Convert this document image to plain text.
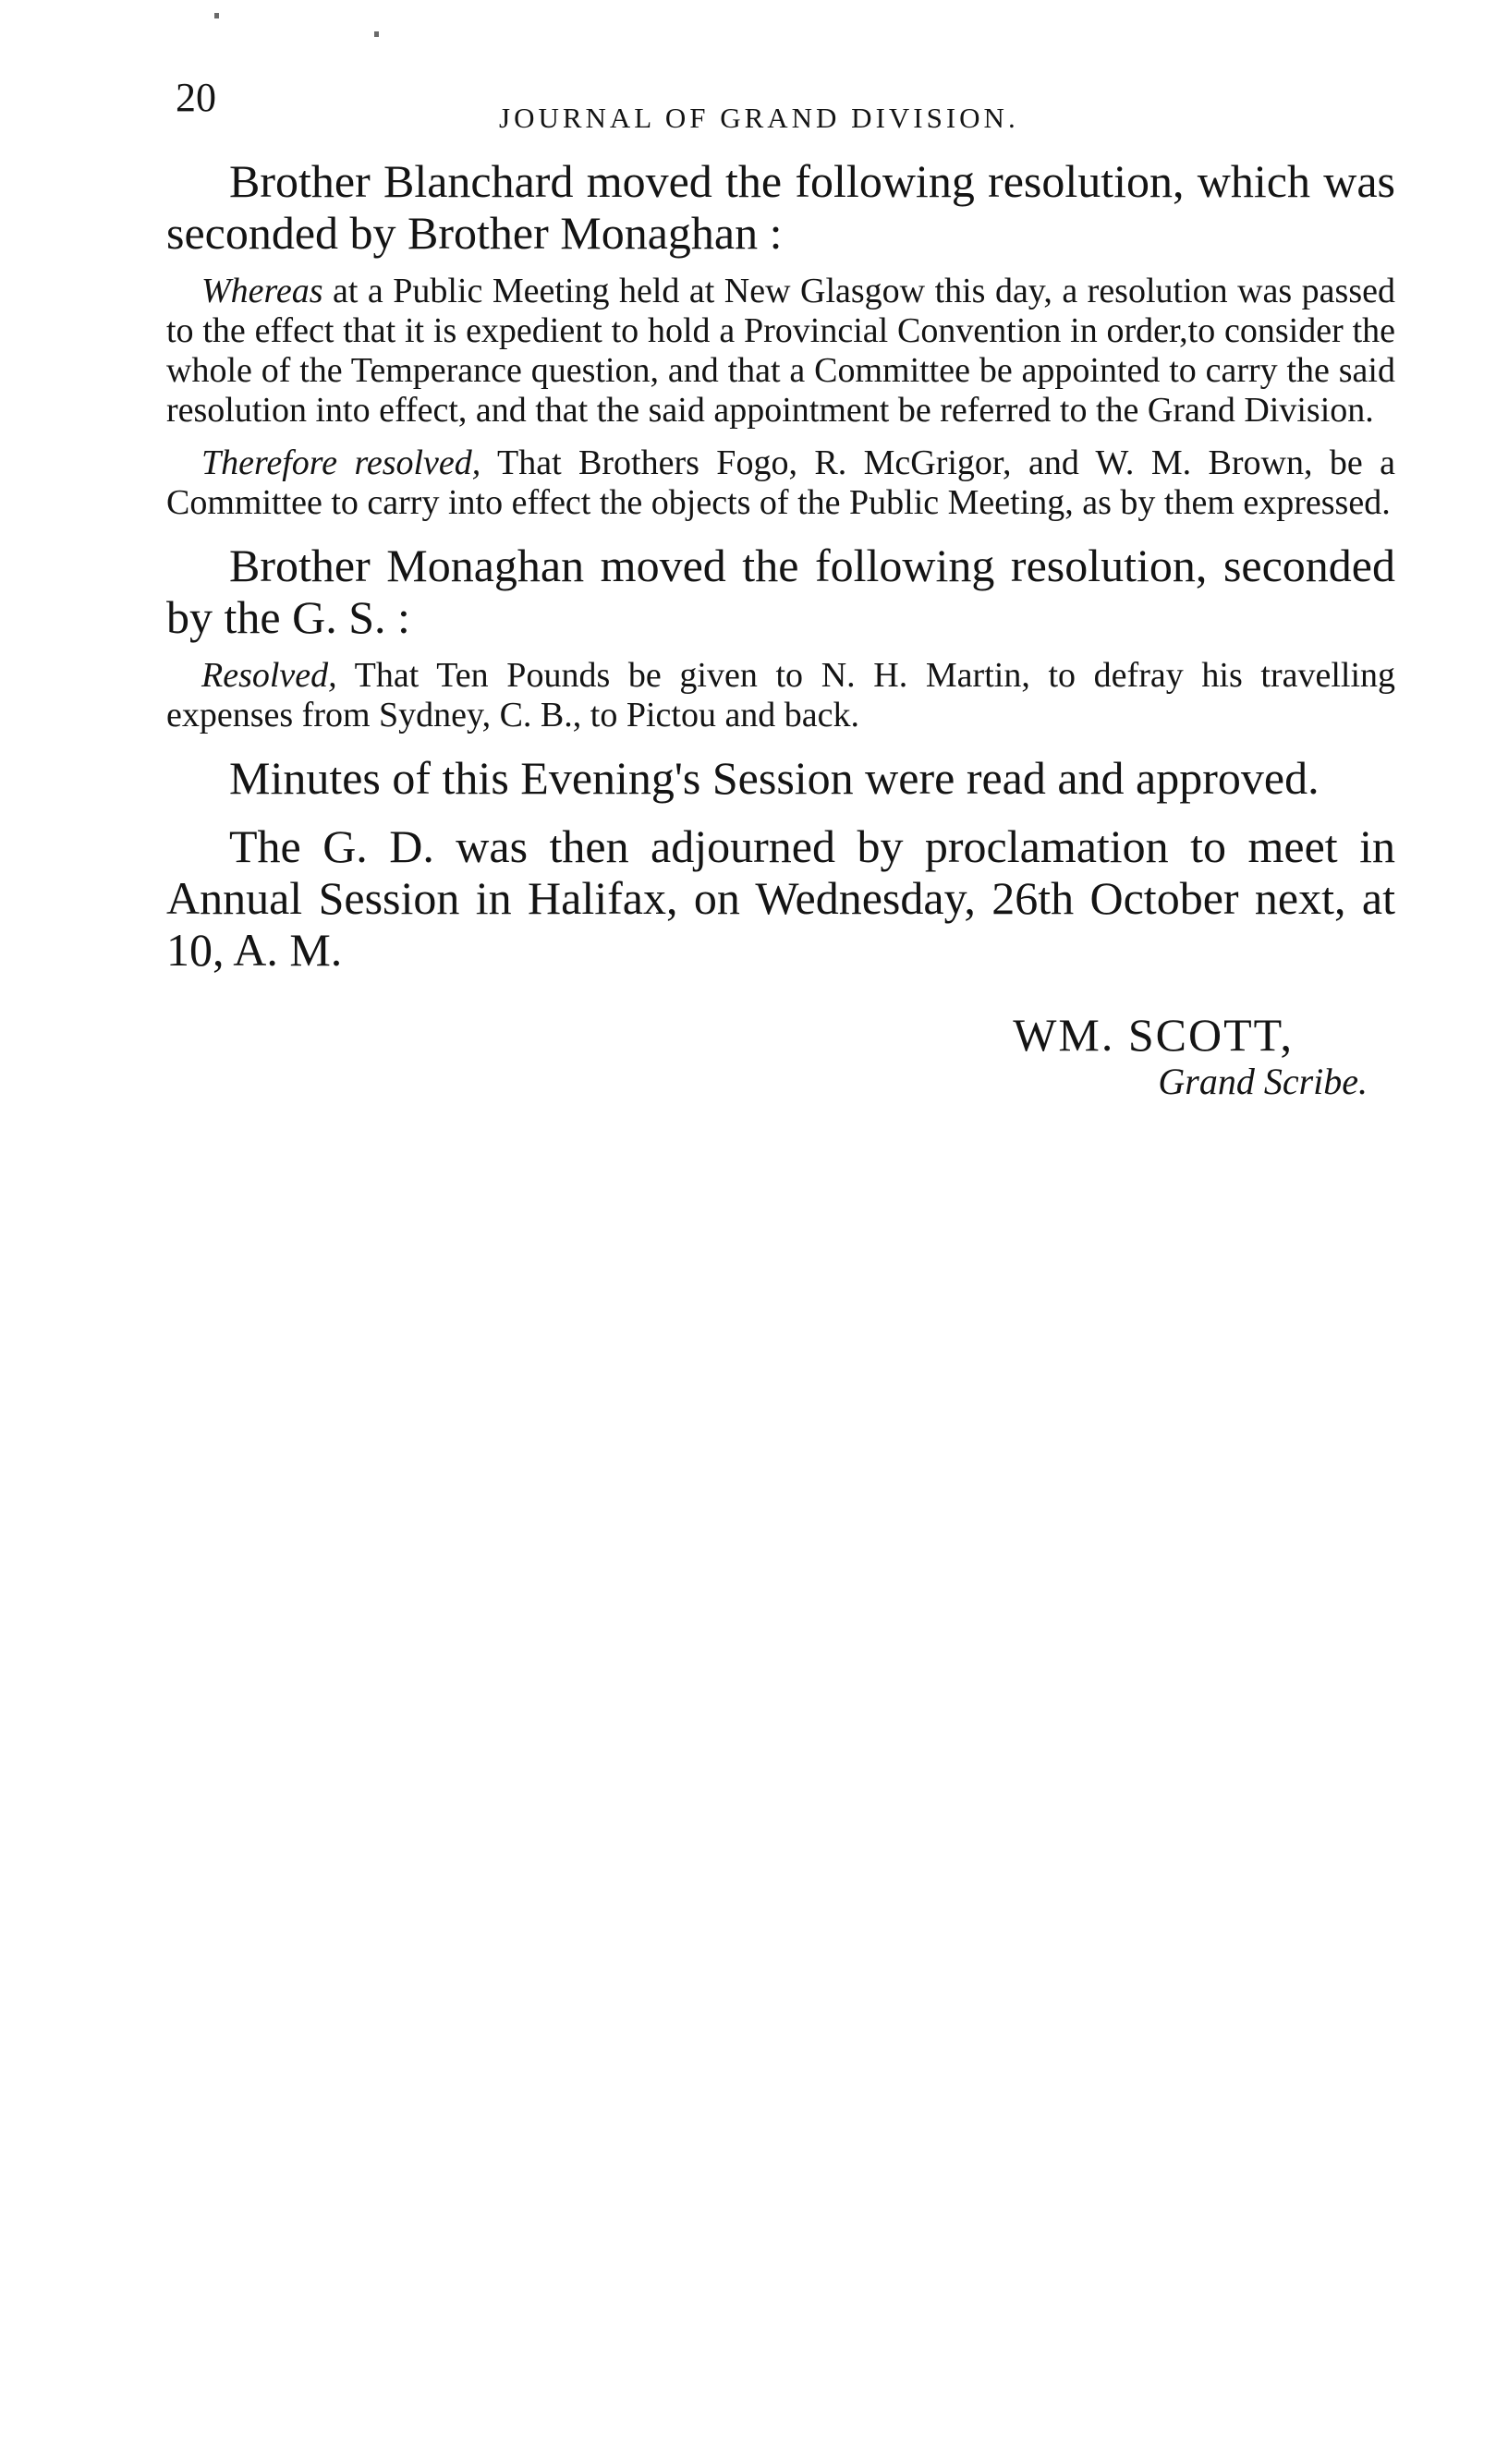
20	JOURNAL OF GRAND DIVISION.

Brother Blanchard moved the following resolution, which was seconded by Brother Monaghan :

Whereas at a Public Meeting held at New Glasgow this day, a resolution was passed to the effect that it is expedient to hold a Provincial Convention in order,to consider the whole of the Temperance question, and that a Committee be appointed to carry the said resolution into effect, and that the said appointment be referred to the Grand Division.

Therefore resolved, That Brothers Fogo, R. McGrigor, and W. M. Brown, be a Committee to carry into effect the objects of the Public Meeting, as by them expressed.

Brother Monaghan moved the following resolution, seconded by the G. S. :

Resolved, That Ten Pounds be given to N. H. Martin, to defray his travelling expenses from Sydney, C. B., to Pictou and back.

Minutes of this Evening's Session were read and approved.

The G. D. was then adjourned by proclamation to meet in Annual Session in Halifax, on Wednesday, 26th October next, at 10, A. M.

WM. SCOTT,
Grand Scribe.
